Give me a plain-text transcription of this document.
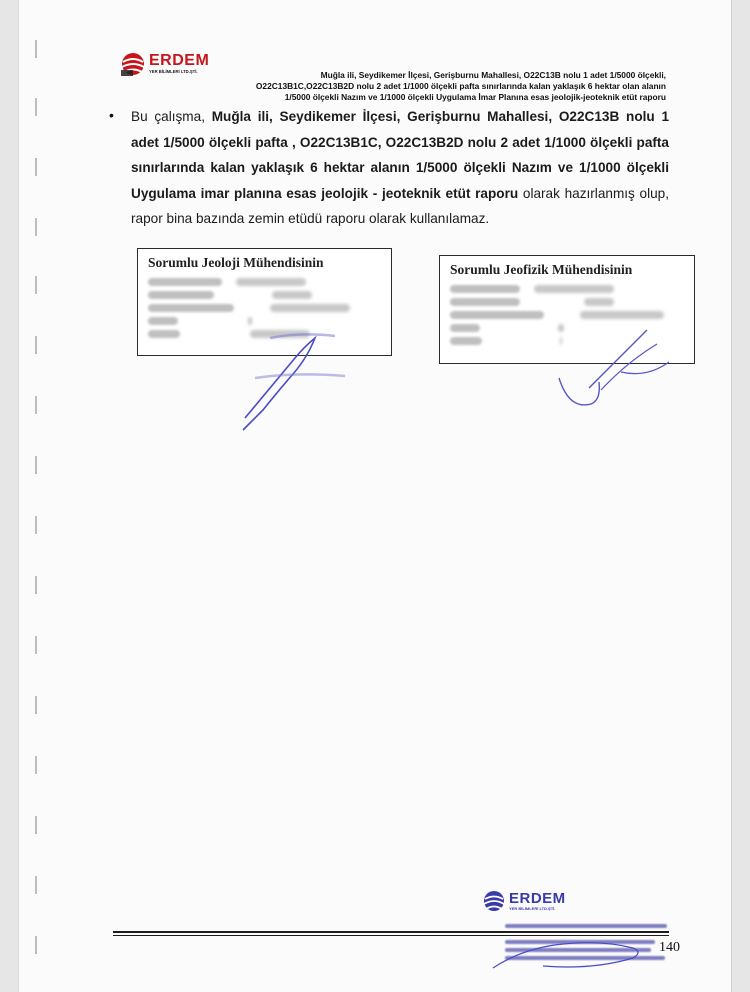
ERDEM
YER BİLİMLERİ LTD.ŞTİ.	Muğla ili, Seydikemer İlçesi, Gerişburnu Mahallesi, O22C13B nolu 1 adet 1/5000 ölçekli,
O22C13B1C,O22C13B2D nolu 2 adet 1/1000 ölçekli pafta sınırlarında kalan yaklaşık 6 hektar olan alanın
1/5000 ölçekli Nazım ve 1/1000 ölçekli Uygulama İmar Planına esas jeolojik-jeoteknik etüt raporu
• Bu çalışma, Muğla ili, Seydikemer İlçesi, Gerişburnu Mahallesi, O22C13B nolu 1 adet 1/5000 ölçekli pafta , O22C13B1C, O22C13B2D nolu 2 adet 1/1000 ölçekli pafta sınırlarında kalan yaklaşık 6 hektar alanın 1/5000 ölçekli Nazım ve 1/1000 ölçekli Uygulama imar planına esas jeolojik - jeoteknik etüt raporu olarak hazırlanmış olup, rapor bina bazında zemin etüdü raporu olarak kullanılamaz.
Sorumlu Jeoloji Mühendisinin	Sorumlu Jeofizik Mühendisinin
ERDEM
YER BİLİMLERİ LTD.ŞTİ.
140
